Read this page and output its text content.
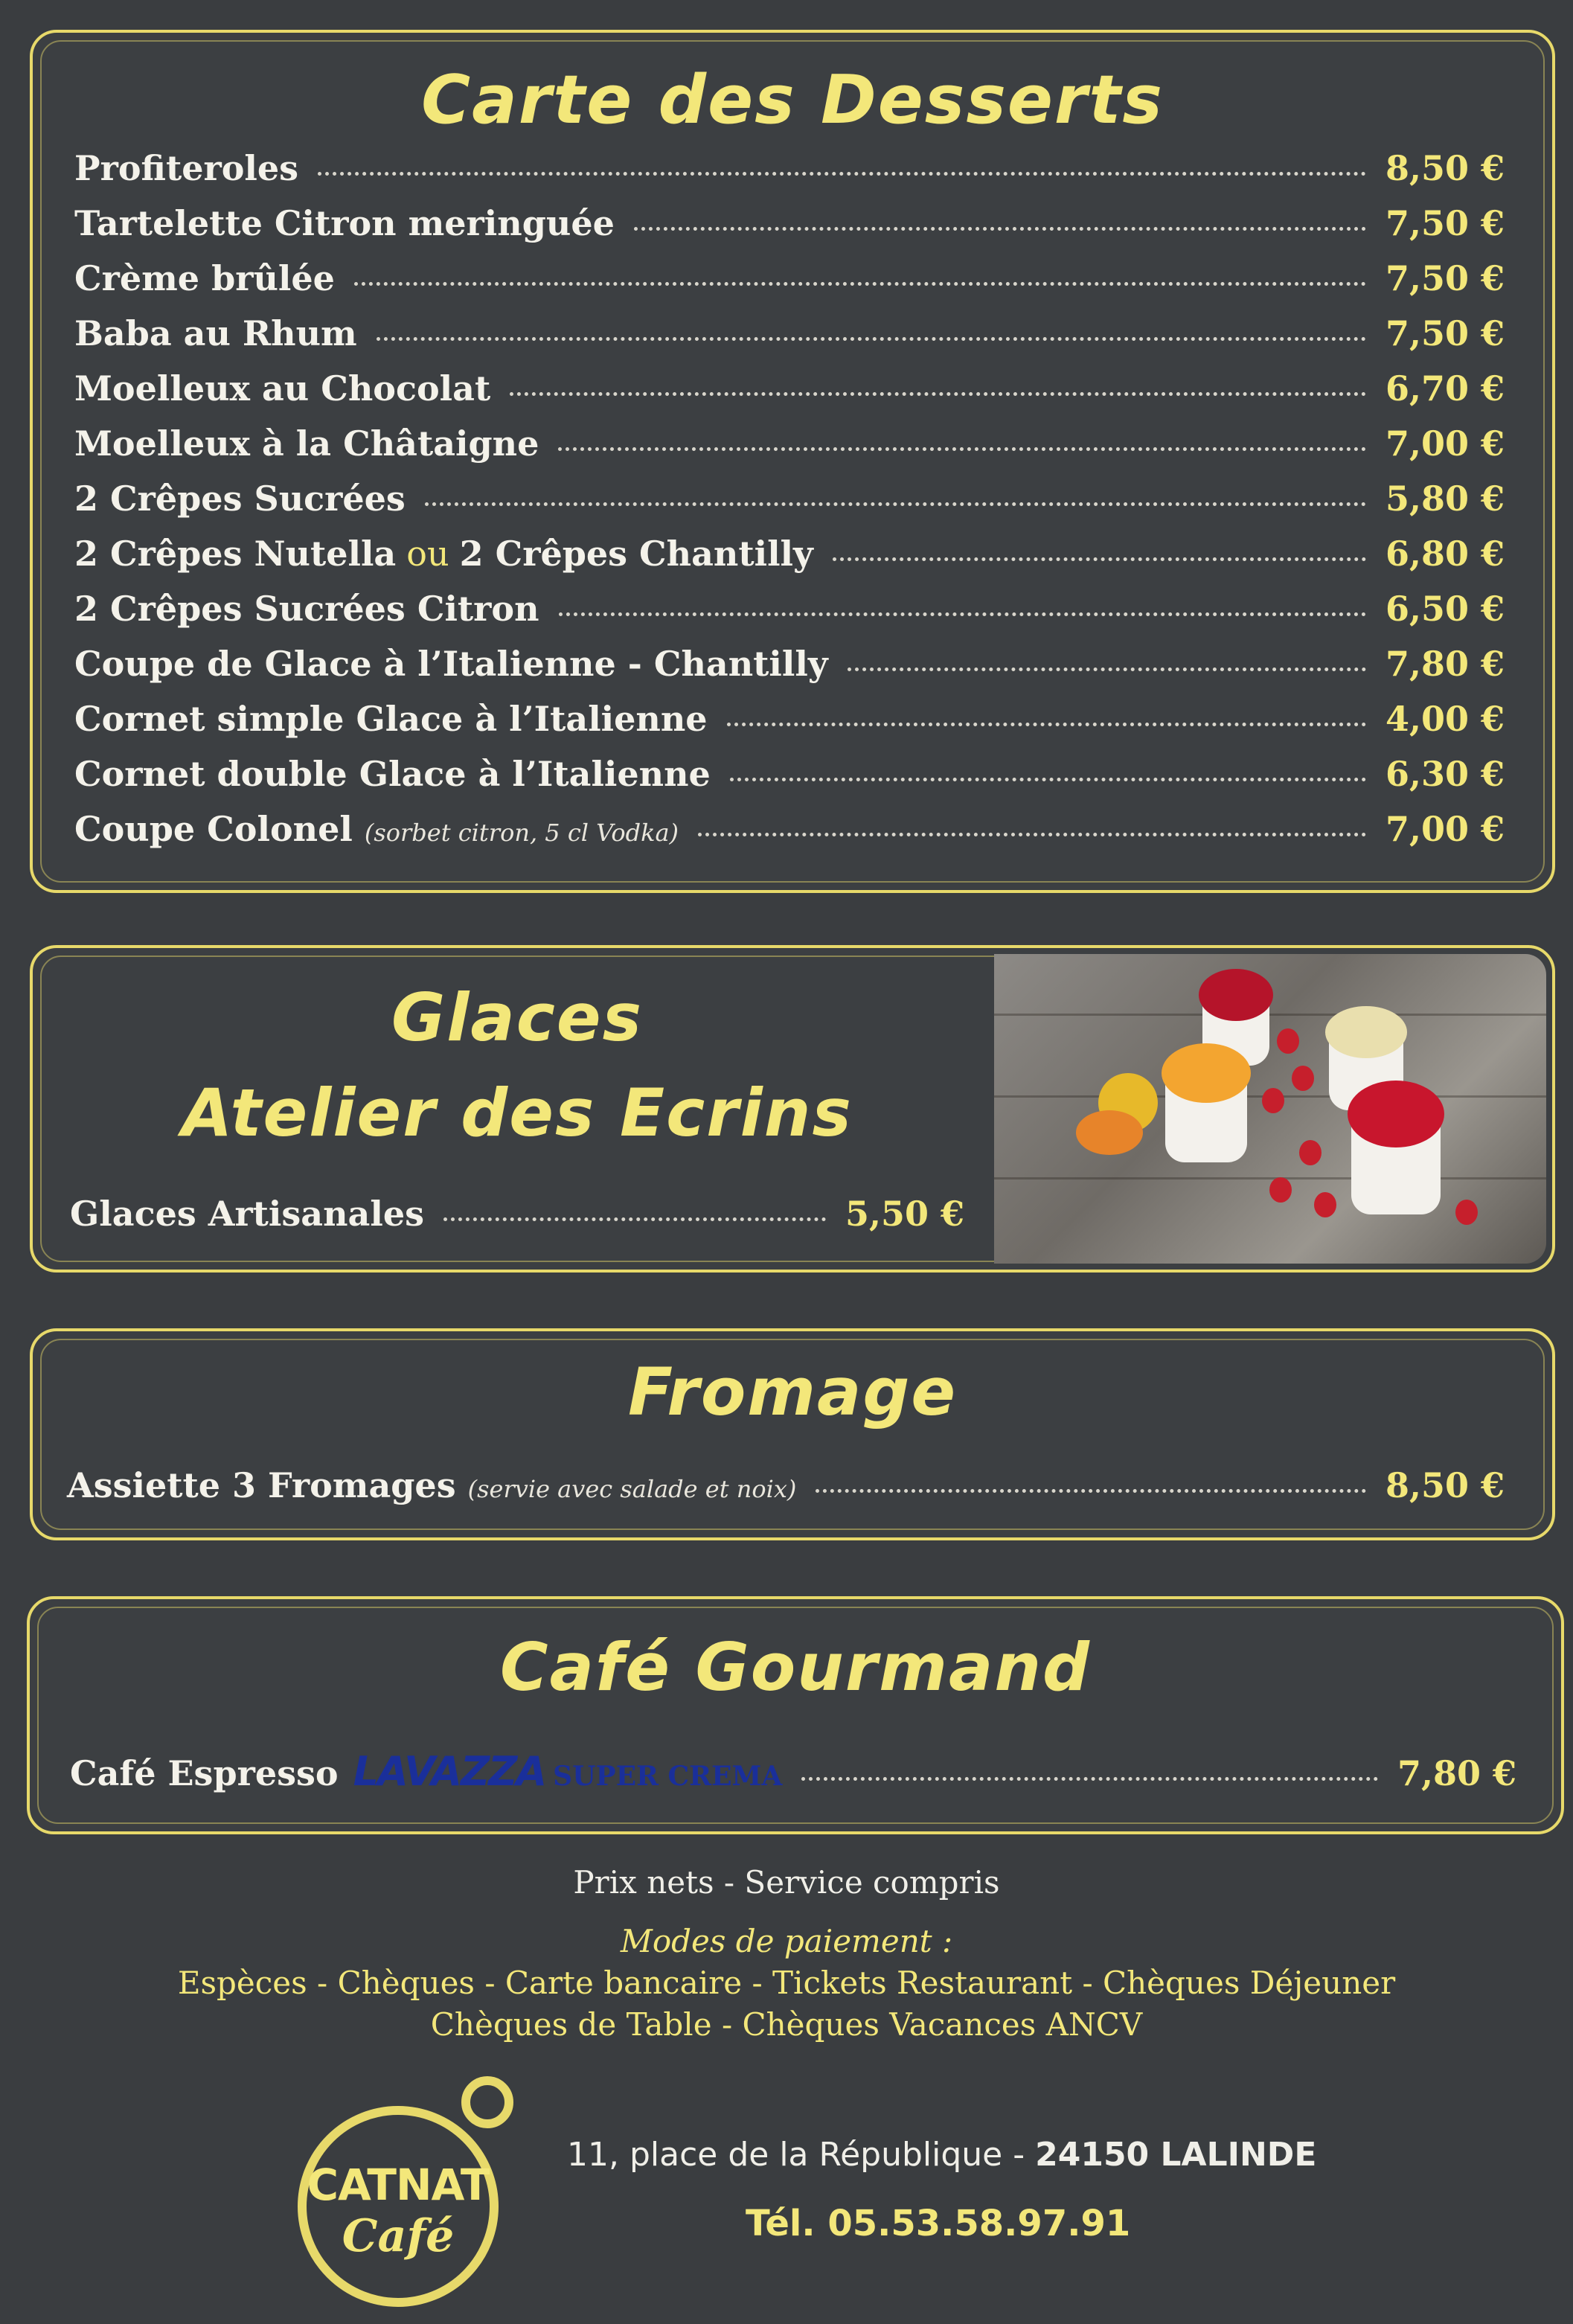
Carte des Desserts
Profiteroles	8,50 €
Tartelette Citron meringuée	7,50 €
Crème brûlée	7,50 €
Baba au Rhum	7,50 €
Moelleux au Chocolat	6,70 €
Moelleux à la Châtaigne	7,00 €
2 Crêpes Sucrées	5,80 €
2 Crêpes Nutella ou 2 Crêpes Chantilly	6,80 €
2 Crêpes Sucrées Citron	6,50 €
Coupe de Glace à l’Italienne - Chantilly	7,80 €
Cornet simple Glace à l’Italienne	4,00 €
Cornet double Glace à l’Italienne	6,30 €
Coupe Colonel (sorbet citron, 5 cl Vodka)	7,00 €
Glaces
Atelier des Ecrins
Glaces Artisanales	5,50 €
Fromage
Assiette 3 Fromages (servie avec salade et noix)	8,50 €
Café Gourmand
Café Espresso LAVAZZA SUPER CREMA	7,80 €
Prix nets - Service compris
Modes de paiement :
Espèces - Chèques - Carte bancaire - Tickets Restaurant - Chèques Déjeuner
Chèques de Table - Chèques Vacances ANCV
CATNAT
Café
11, place de la République - 24150 LALINDE
Tél. 05.53.58.97.91
